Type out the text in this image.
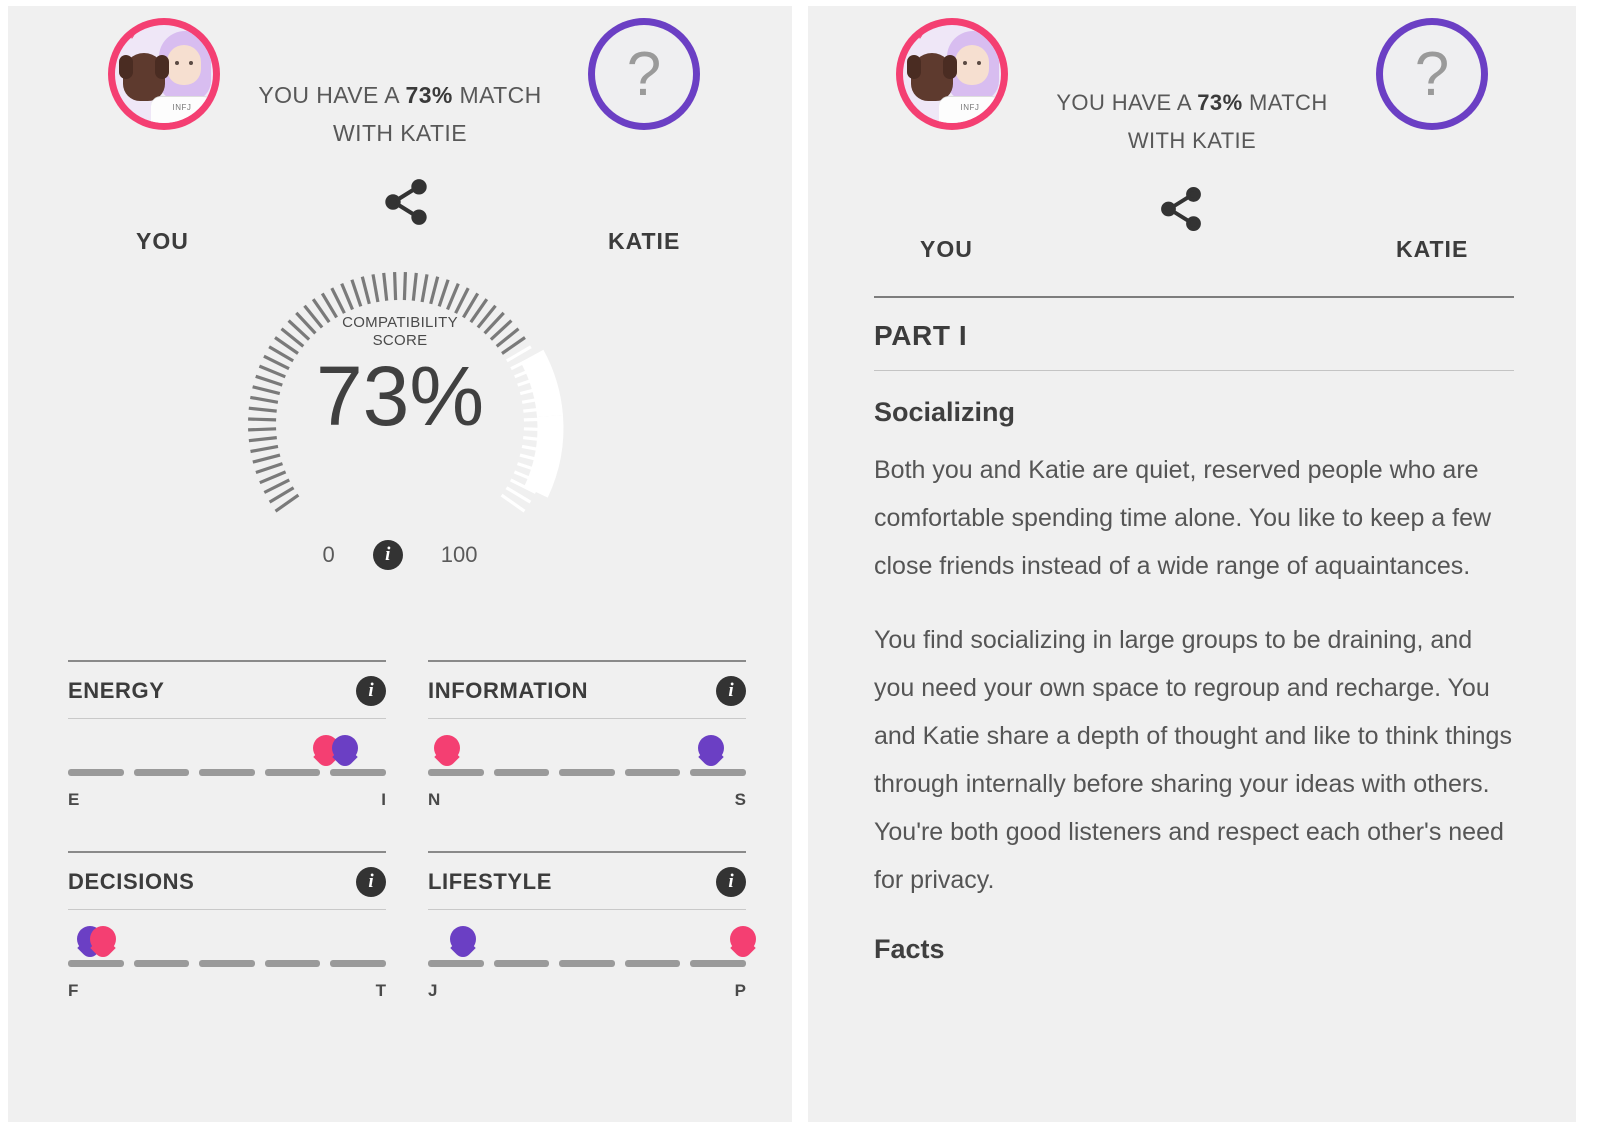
♥♥
INFJ
YOU
?
KATIE
YOU HAVE A 73% MATCH
WITH KATIE
COMPATIBILITY
SCORE
73%
0	i	100
ENERGY	i
E	I
INFORMATION	i
N	S
DECISIONS	i
F	T
LIFESTYLE	i
J	P
♥♥
INFJ
YOU
?
KATIE
YOU HAVE A 73% MATCH
WITH KATIE
PART I
Socializing

Both you and Katie are quiet, reserved people who are comfortable spending time alone. You like to keep a few close friends instead of a wide range of aquaintances.

You find socializing in large groups to be draining, and you need your own space to regroup and recharge. You and Katie share a depth of thought and like to think things through internally before sharing your ideas with others. You're both good listeners and respect each other's need for privacy.

Facts
